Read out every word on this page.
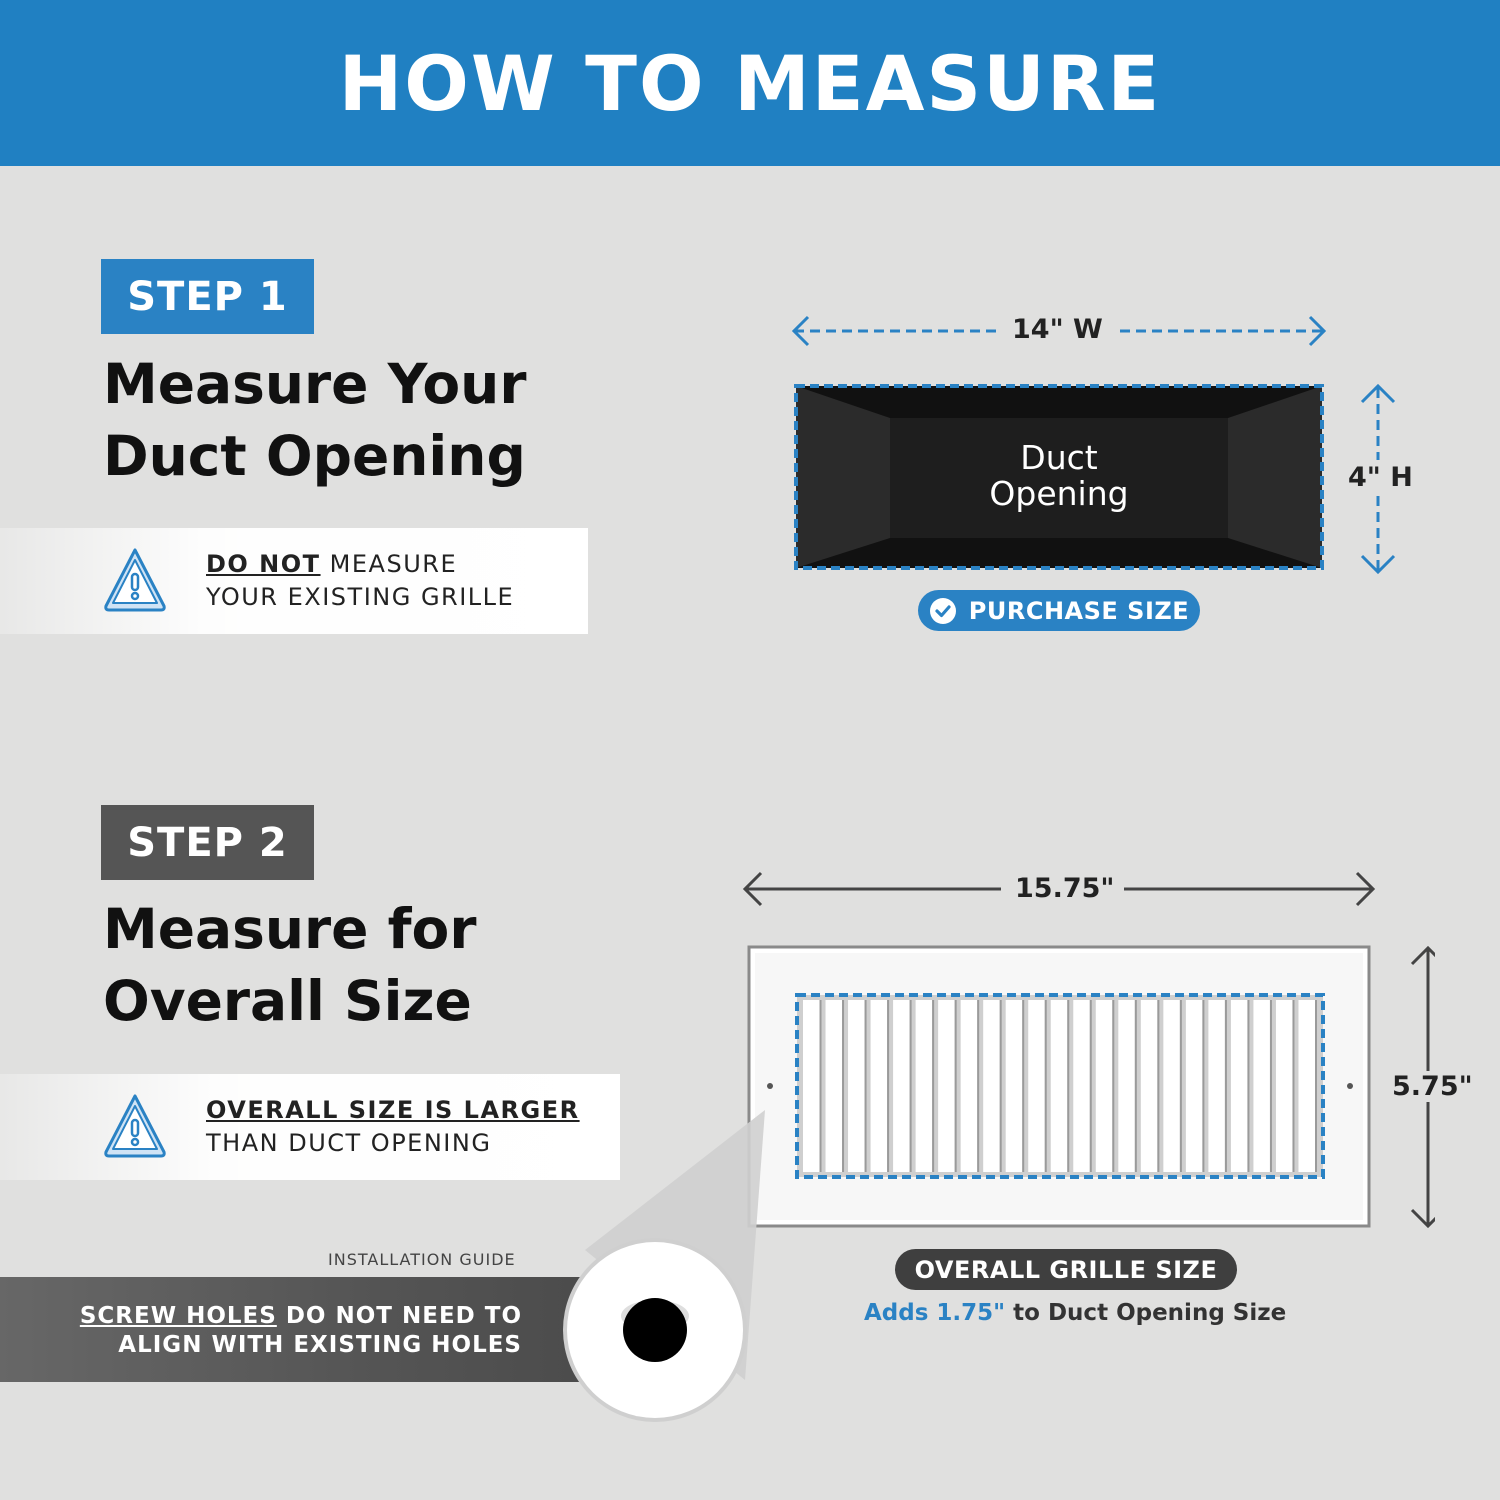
HOW TO MEASURE
STEP 1
Measure Your
Duct Opening
DO NOT MEASURE
YOUR EXISTING GRILLE
14" W
4" H
Duct
Opening
PURCHASE SIZE
STEP 2
Measure for
Overall Size
OVERALL SIZE IS LARGER
THAN DUCT OPENING
15.75"
5.75"
OVERALL GRILLE SIZE
Adds 1.75" to Duct Opening Size
INSTALLATION GUIDE
SCREW HOLES DO NOT NEED TO
ALIGN WITH EXISTING HOLES
